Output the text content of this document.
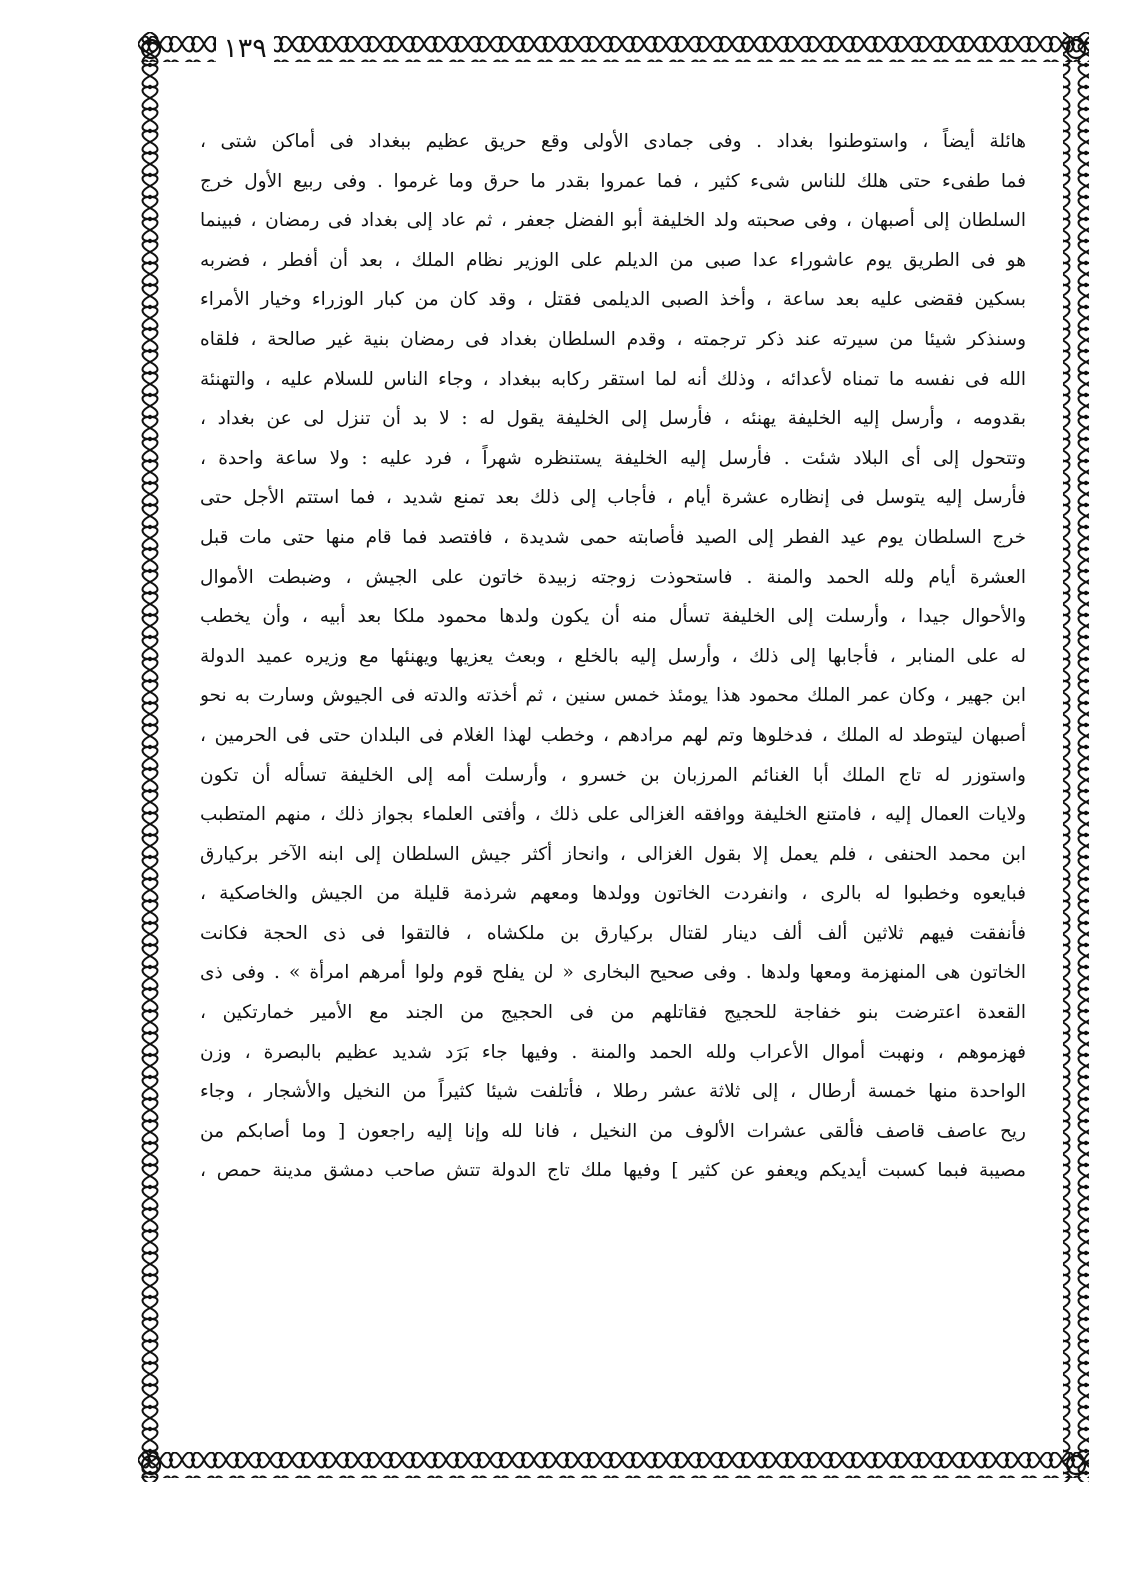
١٣٩
هائلة أيضاً ، واستوطنوا بغداد . وفى جمادى الأولى وقع حريق عظيم ببغداد فى أماكن شتى ،
فما طفىء حتى هلك للناس شىء كثير ، فما عمروا بقدر ما حرق وما غرموا . وفى ربيع الأول خرج
السلطان إلى أصبهان ، وفى صحبته ولد الخليفة أبو الفضل جعفر ، ثم عاد إلى بغداد فى رمضان ، فبينما
هو فى الطريق يوم عاشوراء عدا صبى من الديلم على الوزير نظام الملك ، بعد أن أفطر ، فضربه
بسكين فقضى عليه بعد ساعة ، وأخذ الصبى الديلمى فقتل ، وقد كان من كبار الوزراء وخيار الأمراء
وسنذكر شيئا من سيرته عند ذكر ترجمته ، وقدم السلطان بغداد فى رمضان بنية غير صالحة ، فلقاه
الله فى نفسه ما تمناه لأعدائه ، وذلك أنه لما استقر ركابه ببغداد ، وجاء الناس للسلام عليه ، والتهنئة
بقدومه ، وأرسل إليه الخليفة يهنئه ، فأرسل إلى الخليفة يقول له : لا بد أن تنزل لى عن بغداد ،
وتتحول إلى أى البلاد شئت . فأرسل إليه الخليفة يستنظره شهراً ، فرد عليه : ولا ساعة واحدة ،
فأرسل إليه يتوسل فى إنظاره عشرة أيام ، فأجاب إلى ذلك بعد تمنع شديد ، فما استتم الأجل حتى
خرج السلطان يوم عيد الفطر إلى الصيد فأصابته حمى شديدة ، فافتصد فما قام منها حتى مات قبل
العشرة أيام ولله الحمد والمنة . فاستحوذت زوجته زبيدة خاتون على الجيش ، وضبطت الأموال
والأحوال جيدا ، وأرسلت إلى الخليفة تسأل منه أن يكون ولدها محمود ملكا بعد أبيه ، وأن يخطب
له على المنابر ، فأجابها إلى ذلك ، وأرسل إليه بالخلع ، وبعث يعزيها ويهنئها مع وزيره عميد الدولة
ابن جهير ، وكان عمر الملك محمود هذا يومئذ خمس سنين ، ثم أخذته والدته فى الجيوش وسارت به نحو
أصبهان ليتوطد له الملك ، فدخلوها وتم لهم مرادهم ، وخطب لهذا الغلام فى البلدان حتى فى الحرمين ،
واستوزر له تاج الملك أبا الغنائم المرزبان بن خسرو ، وأرسلت أمه إلى الخليفة تسأله أن تكون
ولايات العمال إليه ، فامتنع الخليفة ووافقه الغزالى على ذلك ، وأفتى العلماء بجواز ذلك ، منهم المتطبب
ابن محمد الحنفى ، فلم يعمل إلا بقول الغزالى ، وانحاز أكثر جيش السلطان إلى ابنه الآخر بركيارق
فبايعوه وخطبوا له بالرى ، وانفردت الخاتون وولدها ومعهم شرذمة قليلة من الجيش والخاصكية ،
فأنفقت فيهم ثلاثين ألف ألف دينار لقتال بركيارق بن ملكشاه ، فالتقوا فى ذى الحجة فكانت
الخاتون هى المنهزمة ومعها ولدها . وفى صحيح البخارى « لن يفلح قوم ولوا أمرهم امرأة » . وفى ذى
القعدة اعترضت بنو خفاجة للحجيج فقاتلهم من فى الحجيج من الجند مع الأمير خمارتكين ،
فهزموهم ، ونهبت أموال الأعراب ولله الحمد والمنة . وفيها جاء بَرَد شديد عظيم بالبصرة ، وزن
الواحدة منها خمسة أرطال ، إلى ثلاثة عشر رطلا ، فأتلفت شيئا كثيراً من النخيل والأشجار ، وجاء
ريح عاصف قاصف فألقى عشرات الألوف من النخيل ، فانا لله وإنا إليه راجعون [ وما أصابكم من
مصيبة فبما كسبت أيديكم ويعفو عن كثير ] وفيها ملك تاج الدولة تتش صاحب دمشق مدينة حمص ،
